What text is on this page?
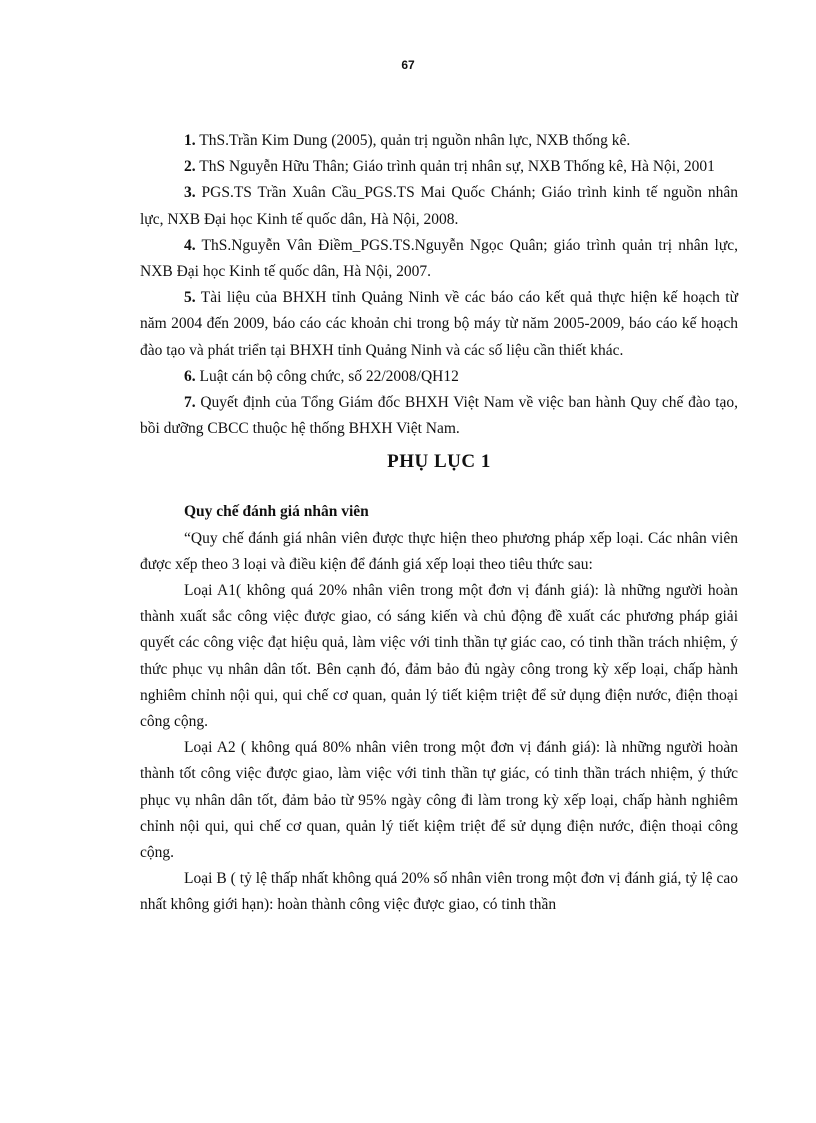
67

1. ThS.Trần Kim Dung (2005), quản trị nguồn nhân lực, NXB thống kê.

2. ThS Nguyễn Hữu Thân; Giáo trình quản trị nhân sự, NXB Thống kê, Hà Nội, 2001

3. PGS.TS Trần Xuân Cầu_PGS.TS Mai Quốc Chánh; Giáo trình kinh tế nguồn nhân lực, NXB Đại học Kinh tế quốc dân, Hà Nội, 2008.

4. ThS.Nguyễn Vân Điềm_PGS.TS.Nguyễn Ngọc Quân; giáo trình quản trị nhân lực, NXB Đại học Kinh tế quốc dân, Hà Nội, 2007.

5. Tài liệu của BHXH tỉnh Quảng Ninh về các báo cáo kết quả thực hiện kế hoạch từ năm 2004 đến 2009, báo cáo các khoản chi trong bộ máy từ năm 2005-2009, báo cáo kế hoạch đào tạo và phát triển tại BHXH tỉnh Quảng Ninh và các số liệu cần thiết khác.

6. Luật cán bộ công chức, số 22/2008/QH12

7. Quyết định của Tổng Giám đốc BHXH Việt Nam về việc ban hành Quy chế đào tạo, bồi dưỡng CBCC thuộc hệ thống BHXH Việt Nam.

PHỤ LỤC 1

Quy chế đánh giá nhân viên

“Quy chế đánh giá nhân viên được thực hiện theo phương pháp xếp loại. Các nhân viên được xếp theo 3 loại và điều kiện để đánh giá xếp loại theo tiêu thức sau:

Loại A1( không quá 20% nhân viên trong một đơn vị đánh giá): là những người hoàn thành xuất sắc công việc được giao, có sáng kiến và chủ động đề xuất các phương pháp giải quyết các công việc đạt hiệu quả, làm việc với tinh thần tự giác cao, có tinh thần trách nhiệm, ý thức phục vụ nhân dân tốt. Bên cạnh đó, đảm bảo đủ ngày công trong kỳ xếp loại, chấp hành nghiêm chỉnh nội qui, qui chế cơ quan, quản lý tiết kiệm triệt để sử dụng điện nước, điện thoại công cộng.

Loại A2 ( không quá 80% nhân viên trong một đơn vị đánh giá): là những người hoàn thành tốt công việc được giao, làm việc với tinh thần tự giác, có tinh thần trách nhiệm, ý thức phục vụ nhân dân tốt, đảm bảo từ 95% ngày công đi làm trong kỳ xếp loại, chấp hành nghiêm chỉnh nội qui, qui chế cơ quan, quản lý tiết kiệm triệt để sử dụng điện nước, điện thoại công cộng.

Loại B ( tỷ lệ thấp nhất không quá 20% số nhân viên trong một đơn vị đánh giá, tỷ lệ cao nhất không giới hạn): hoàn thành công việc được giao, có tinh thần
